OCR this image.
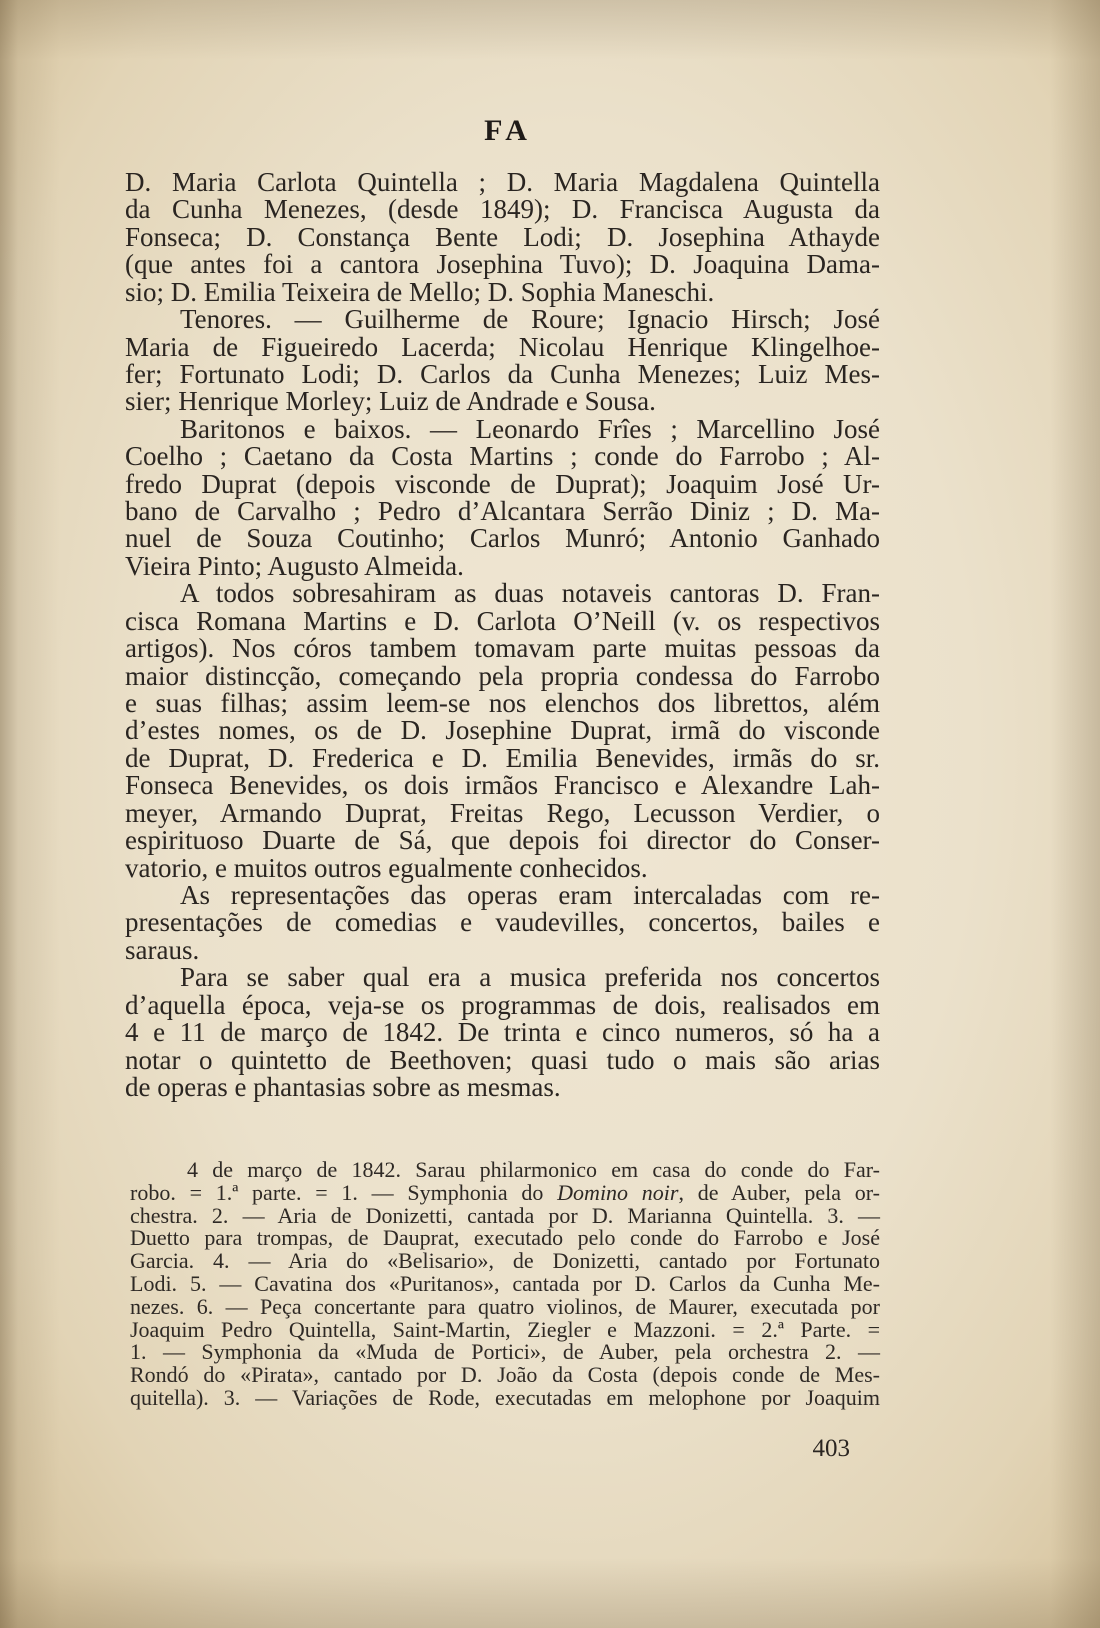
FA
D. Maria Carlota Quintella ; D. Maria Magdalena Quintella
da Cunha Menezes, (desde 1849); D. Francisca Augusta da
Fonseca; D. Constança Bente Lodi; D. Josephina Athayde
(que antes foi a cantora Josephina Tuvo); D. Joaquina Dama-
sio; D. Emilia Teixeira de Mello; D. Sophia Maneschi.
Tenores. — Guilherme de Roure; Ignacio Hirsch; José
Maria de Figueiredo Lacerda; Nicolau Henrique Klingelhoe-
fer; Fortunato Lodi; D. Carlos da Cunha Menezes; Luiz Mes-
sier; Henrique Morley; Luiz de Andrade e Sousa.
Baritonos e baixos. — Leonardo Frîes ; Marcellino José
Coelho ; Caetano da Costa Martins ; conde do Farrobo ; Al-
fredo Duprat (depois visconde de Duprat); Joaquim José Ur-
bano de Carvalho ; Pedro d’Alcantara Serrão Diniz ; D. Ma-
nuel de Souza Coutinho; Carlos Munró; Antonio Ganhado
Vieira Pinto; Augusto Almeida.
A todos sobresahiram as duas notaveis cantoras D. Fran-
cisca Romana Martins e D. Carlota O’Neill (v. os respectivos
artigos). Nos córos tambem tomavam parte muitas pessoas da
maior distincção, começando pela propria condessa do Farrobo
e suas filhas; assim leem-se nos elenchos dos librettos, além
d’estes nomes, os de D. Josephine Duprat, irmã do visconde
de Duprat, D. Frederica e D. Emilia Benevides, irmãs do sr.
Fonseca Benevides, os dois irmãos Francisco e Alexandre Lah-
meyer, Armando Duprat, Freitas Rego, Lecusson Verdier, o
espirituoso Duarte de Sá, que depois foi director do Conser-
vatorio, e muitos outros egualmente conhecidos.
As representações das operas eram intercaladas com re-
presentações de comedias e vaudevilles, concertos, bailes e
saraus.
Para se saber qual era a musica preferida nos concertos
d’aquella época, veja-se os programmas de dois, realisados em
4 e 11 de março de 1842. De trinta e cinco numeros, só ha a
notar o quintetto de Beethoven; quasi tudo o mais são arias
de operas e phantasias sobre as mesmas.
4 de março de 1842. Sarau philarmonico em casa do conde do Far-
robo. = 1.ª parte. = 1. — Symphonia do Domino noir, de Auber, pela or-
chestra. 2. — Aria de Donizetti, cantada por D. Marianna Quintella. 3. —
Duetto para trompas, de Dauprat, executado pelo conde do Farrobo e José
Garcia. 4. — Aria do «Belisario», de Donizetti, cantado por Fortunato
Lodi. 5. — Cavatina dos «Puritanos», cantada por D. Carlos da Cunha Me-
nezes. 6. — Peça concertante para quatro violinos, de Maurer, executada por
Joaquim Pedro Quintella, Saint-Martin, Ziegler e Mazzoni. = 2.ª Parte. =
1. — Symphonia da «Muda de Portici», de Auber, pela orchestra 2. —
Rondó do «Pirata», cantado por D. João da Costa (depois conde de Mes-
quitella). 3. — Variações de Rode, executadas em melophone por Joaquim
403
